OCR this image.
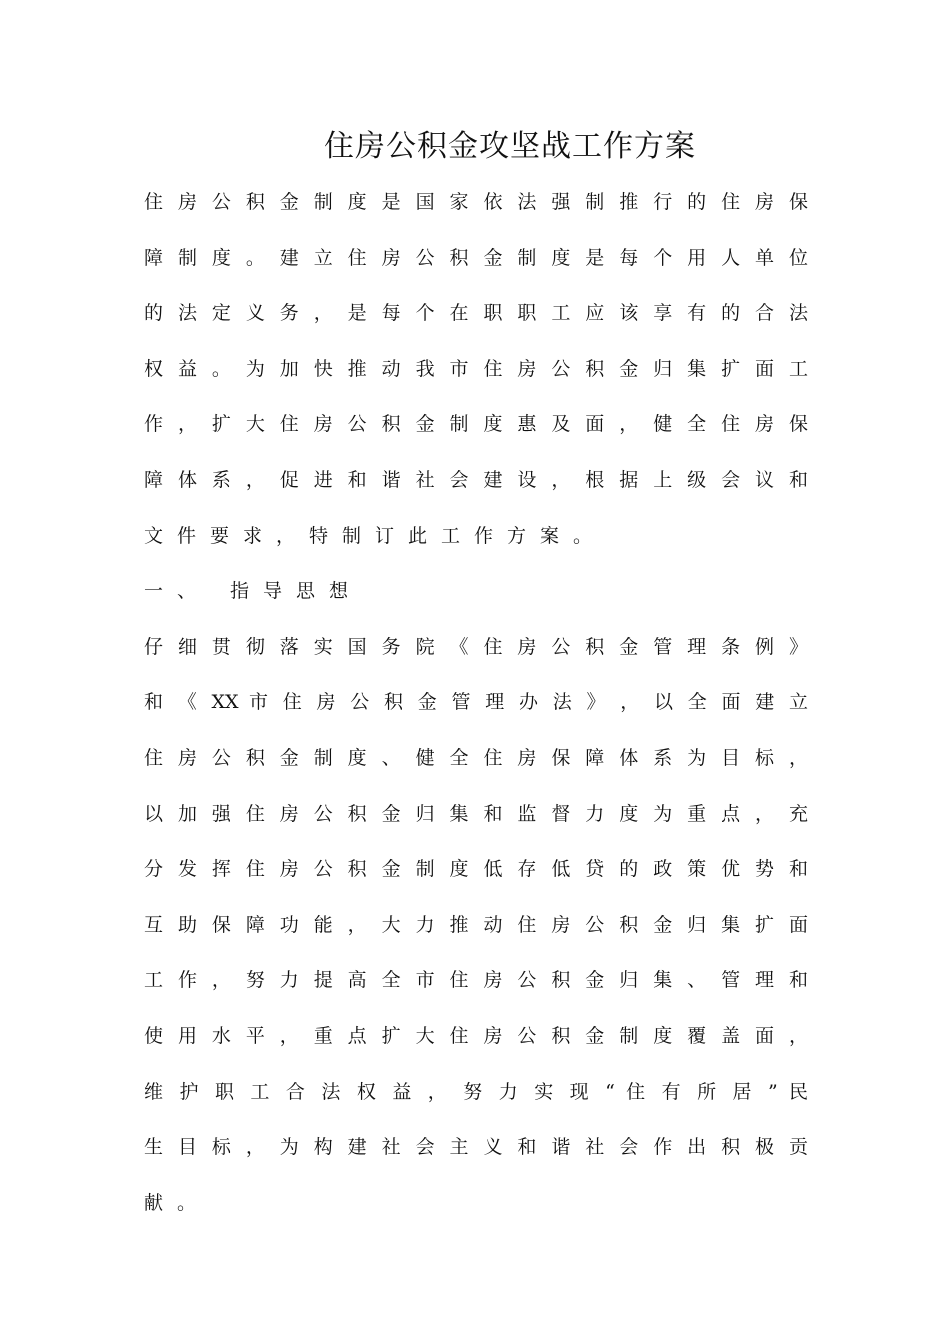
住房公积金攻坚战工作方案
住 房 公 积 金 制 度 是 国 家 依 法 强 制 推 行 的 住 房 保
障 制 度 。 建 立 住 房 公 积 金 制 度 是 每 个 用 人 单 位
的 法 定 义 务 ， 是 每 个 在 职 职 工 应 该 享 有 的 合 法
权 益 。 为 加 快 推 动 我 市 住 房 公 积 金 归 集 扩 面 工
作 ， 扩 大 住 房 公 积 金 制 度 惠 及 面 ， 健 全 住 房 保
障 体 系 ， 促 进 和 谐 社 会 建 设 ， 根 据 上 级 会 议 和
文件要求，特制订此工作方案。
一、 指导思想
仔 细 贯 彻 落 实 国 务 院 《 住 房 公 积 金 管 理 条 例 》
和 《 XX 市 住 房 公 积 金 管 理 办 法 》 ， 以 全 面 建 立
住 房 公 积 金 制 度 、 健 全 住 房 保 障 体 系 为 目 标 ，
以 加 强 住 房 公 积 金 归 集 和 监 督 力 度 为 重 点 ， 充
分 发 挥 住 房 公 积 金 制 度 低 存 低 贷 的 政 策 优 势 和
互 助 保 障 功 能 ， 大 力 推 动 住 房 公 积 金 归 集 扩 面
工 作 ， 努 力 提 高 全 市 住 房 公 积 金 归 集 、 管 理 和
使 用 水 平 ， 重 点 扩 大 住 房 公 积 金 制 度 覆 盖 面 ，
维 护 职 工 合 法 权 益 ， 努 力 实 现 “ 住 有 所 居 ” 民
生 目 标 ， 为 构 建 社 会 主 义 和 谐 社 会 作 出 积 极 贡
献。
